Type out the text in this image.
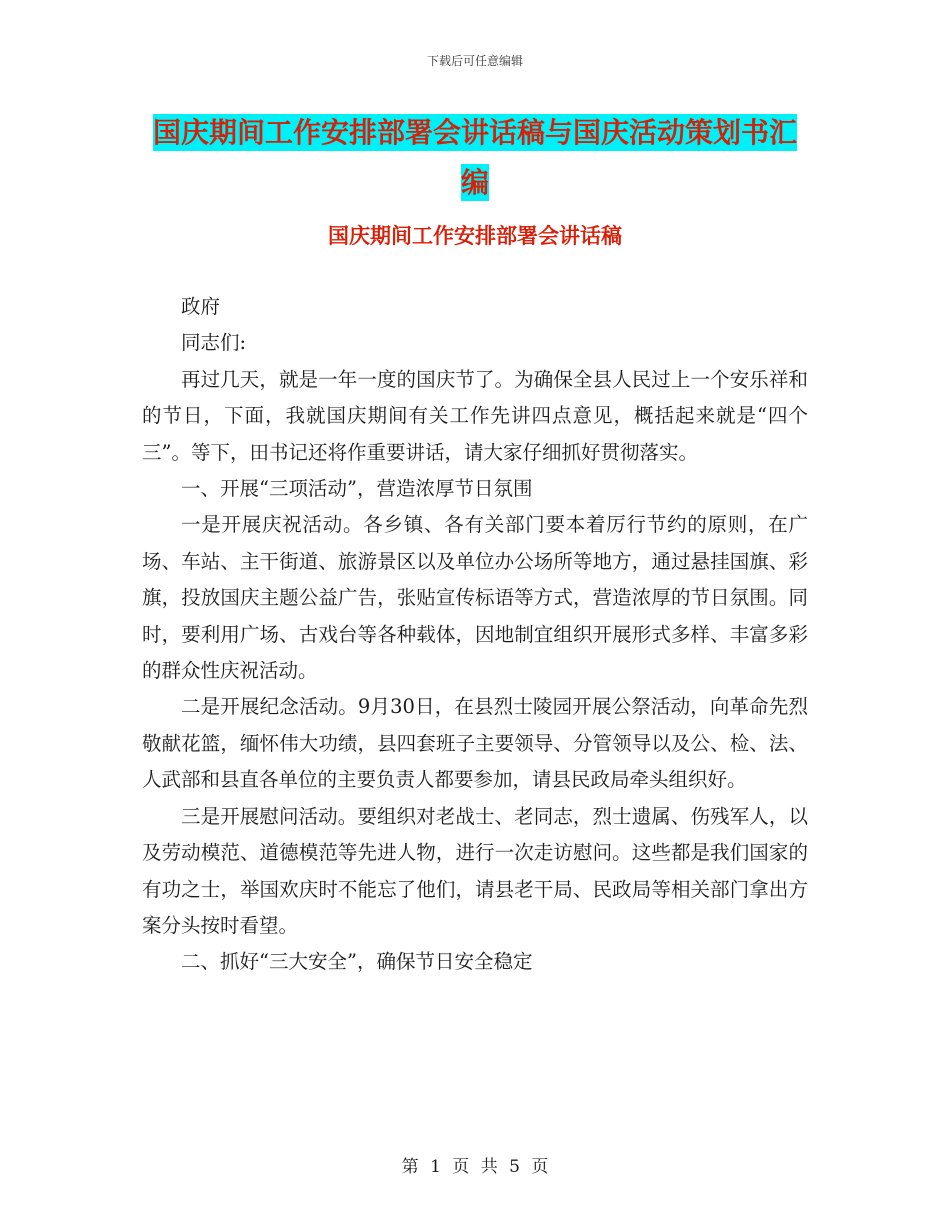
下载后可任意编辑
国庆期间工作安排部署会讲话稿与国庆活动策划书汇编
国庆期间工作安排部署会讲话稿

政府

同志们:

再过几天，就是一年一度的国庆节了。为确保全县人民过上一个安乐祥和的节日，下面，我就国庆期间有关工作先讲四点意见，概括起来就是“四个三”。等下，田书记还将作重要讲话，请大家仔细抓好贯彻落实。

一、开展“三项活动”，营造浓厚节日氛围

一是开展庆祝活动。各乡镇、各有关部门要本着厉行节约的原则，在广场、车站、主干街道、旅游景区以及单位办公场所等地方，通过悬挂国旗、彩旗，投放国庆主题公益广告，张贴宣传标语等方式，营造浓厚的节日氛围。同时，要利用广场、古戏台等各种载体，因地制宜组织开展形式多样、丰富多彩的群众性庆祝活动。

二是开展纪念活动。9月30日，在县烈士陵园开展公祭活动，向革命先烈敬献花篮，缅怀伟大功绩，县四套班子主要领导、分管领导以及公、检、法、人武部和县直各单位的主要负责人都要参加，请县民政局牵头组织好。

三是开展慰问活动。要组织对老战士、老同志，烈士遗属、伤残军人，以及劳动模范、道德模范等先进人物，进行一次走访慰问。这些都是我们国家的有功之士，举国欢庆时不能忘了他们，请县老干局、民政局等相关部门拿出方案分头按时看望。

二、抓好“三大安全”，确保节日安全稳定

第 1 页 共 5 页
